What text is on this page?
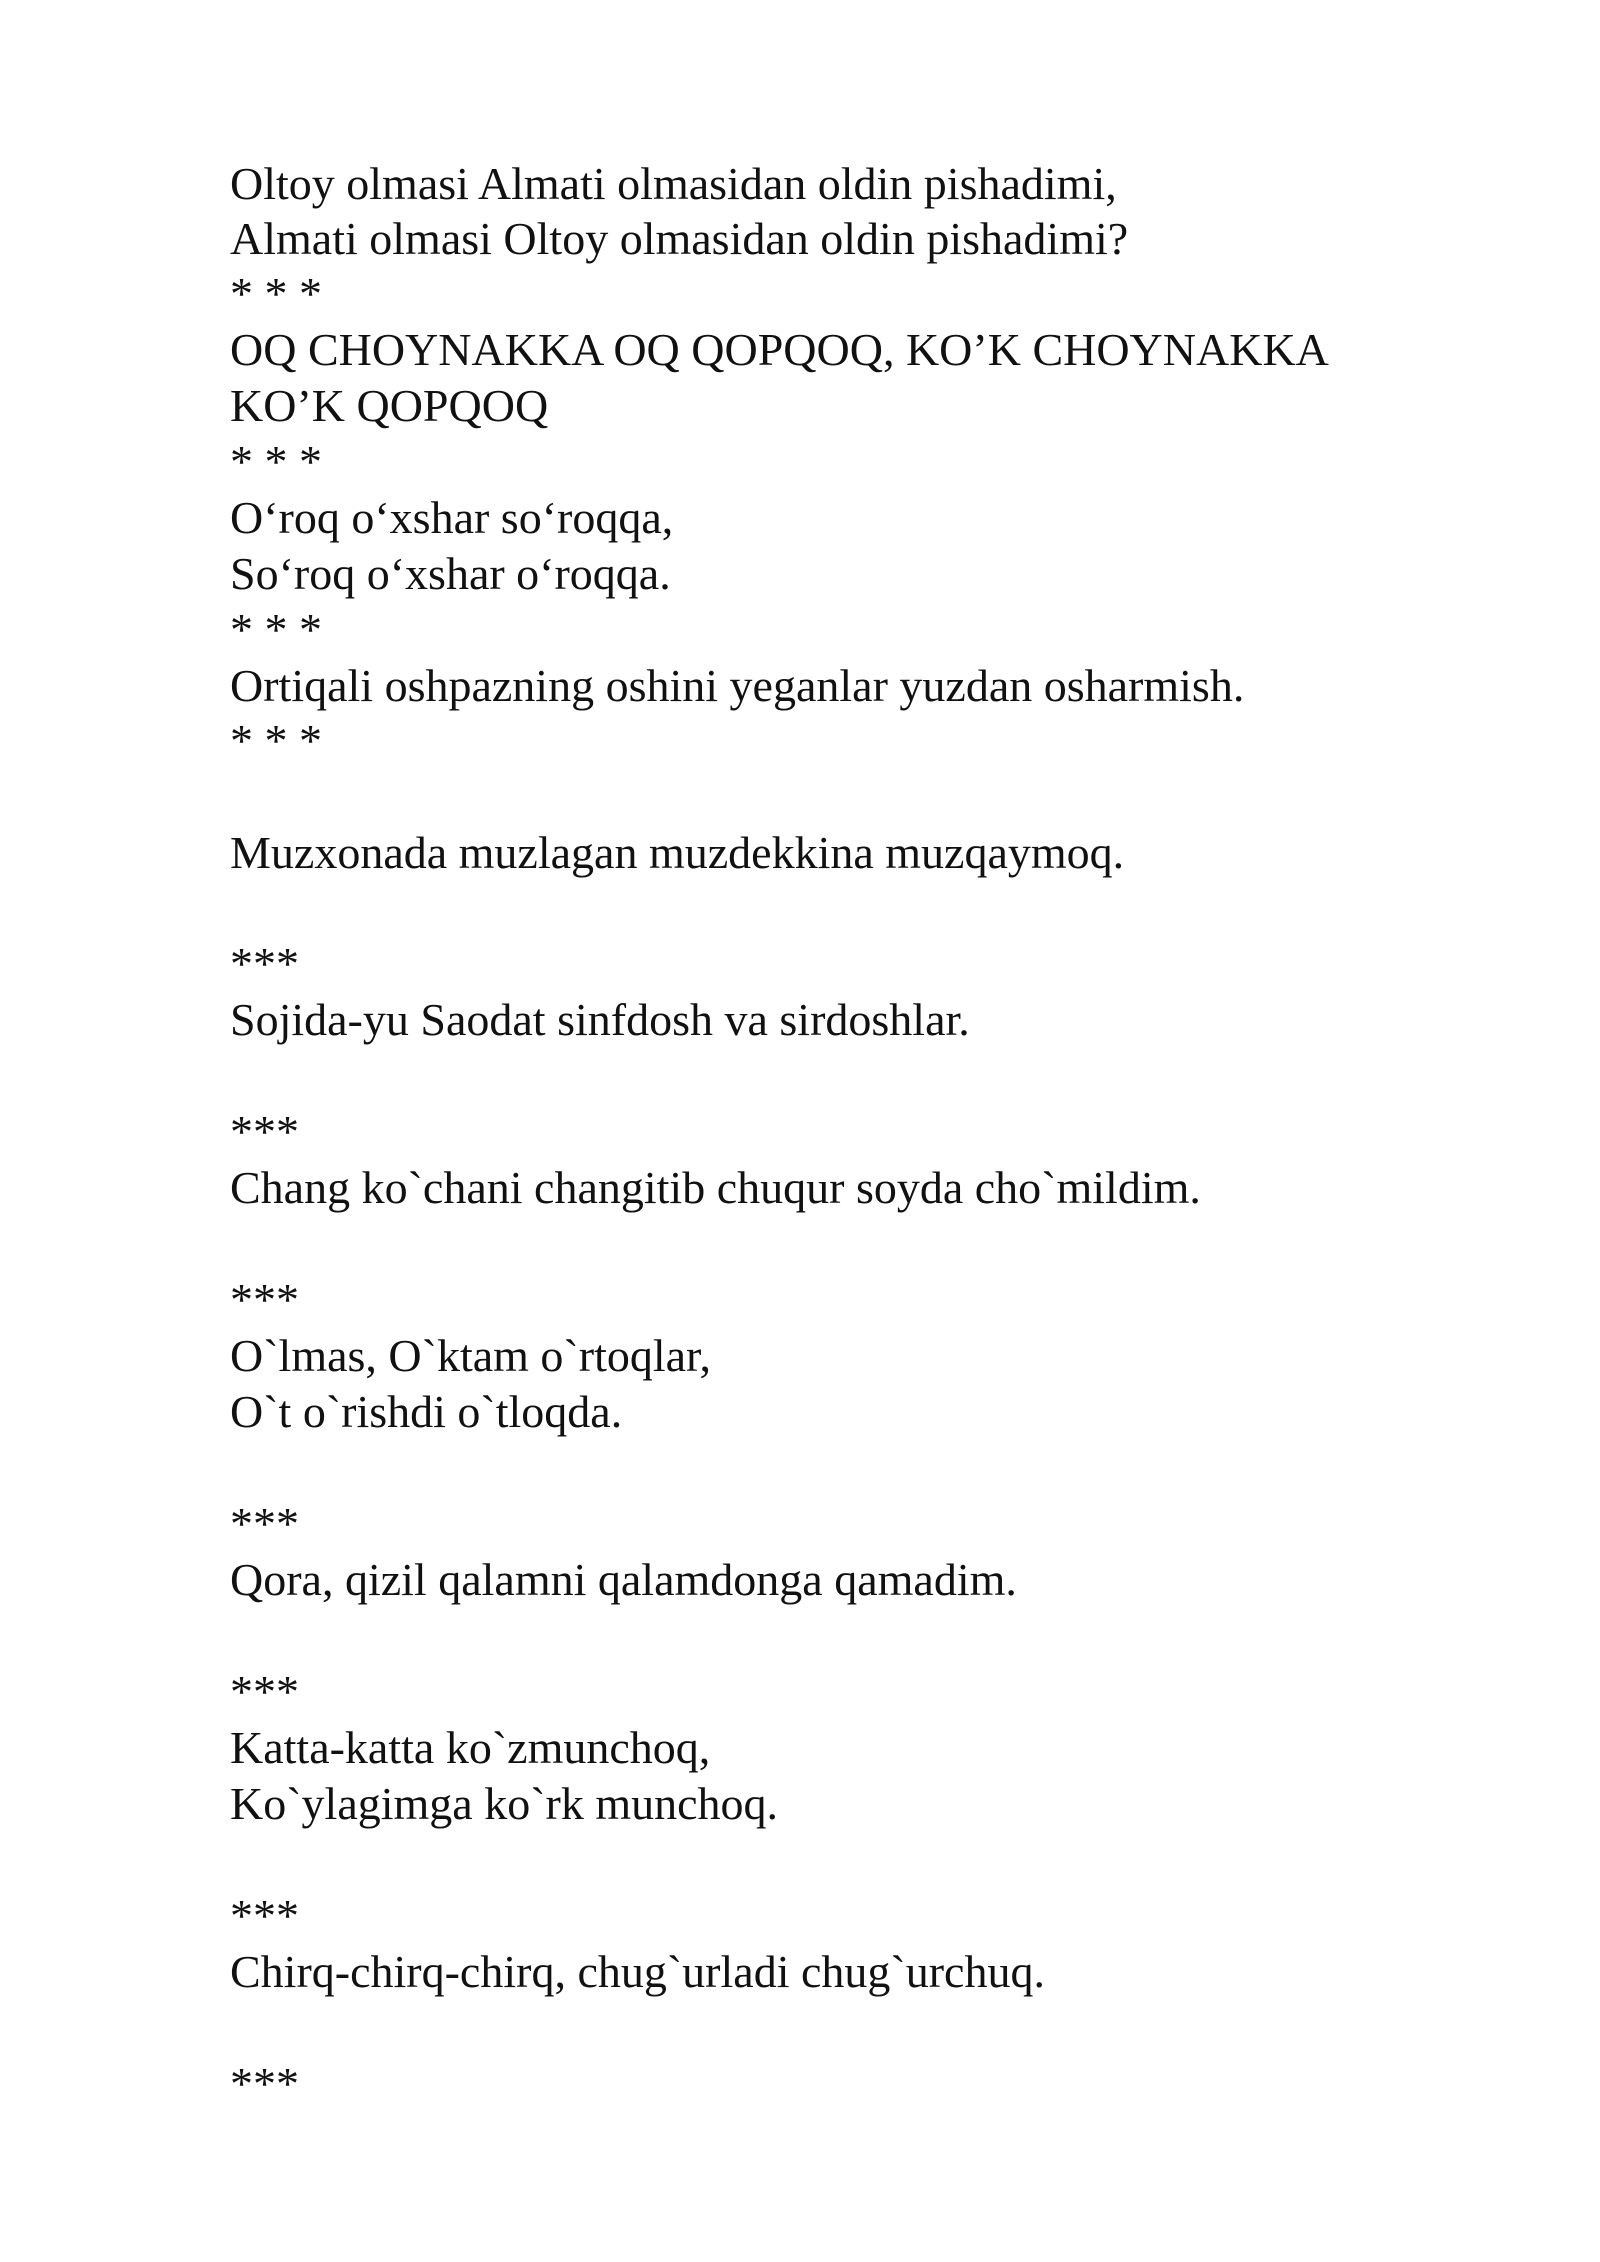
Oltoy olmasi Almati olmasidan oldin pishadimi,

Almati olmasi Oltoy olmasidan oldin pishadimi?

* * *

OQ CHOYNAKKA OQ QOPQOQ, KO’K CHOYNAKKA

KO’K QOPQOQ

* * *

O‘roq o‘xshar so‘roqqa,

So‘roq o‘xshar o‘roqqa.

* * *

Ortiqali oshpazning oshini yeganlar yuzdan osharmish.

* * *

Muzxonada muzlagan muzdekkina muzqaymoq.

***

Sojida-yu Saodat sinfdosh va sirdoshlar.

***

Chang ko`chani changitib chuqur soyda cho`mildim.

***

O`lmas, O`ktam o`rtoqlar,

O`t o`rishdi o`tloqda.

***

Qora, qizil qalamni qalamdonga qamadim.

***

Katta-katta ko`zmunchoq,

Ko`ylagimga ko`rk munchoq.

***

Chirq-chirq-chirq, chug`urladi chug`urchuq.

***
